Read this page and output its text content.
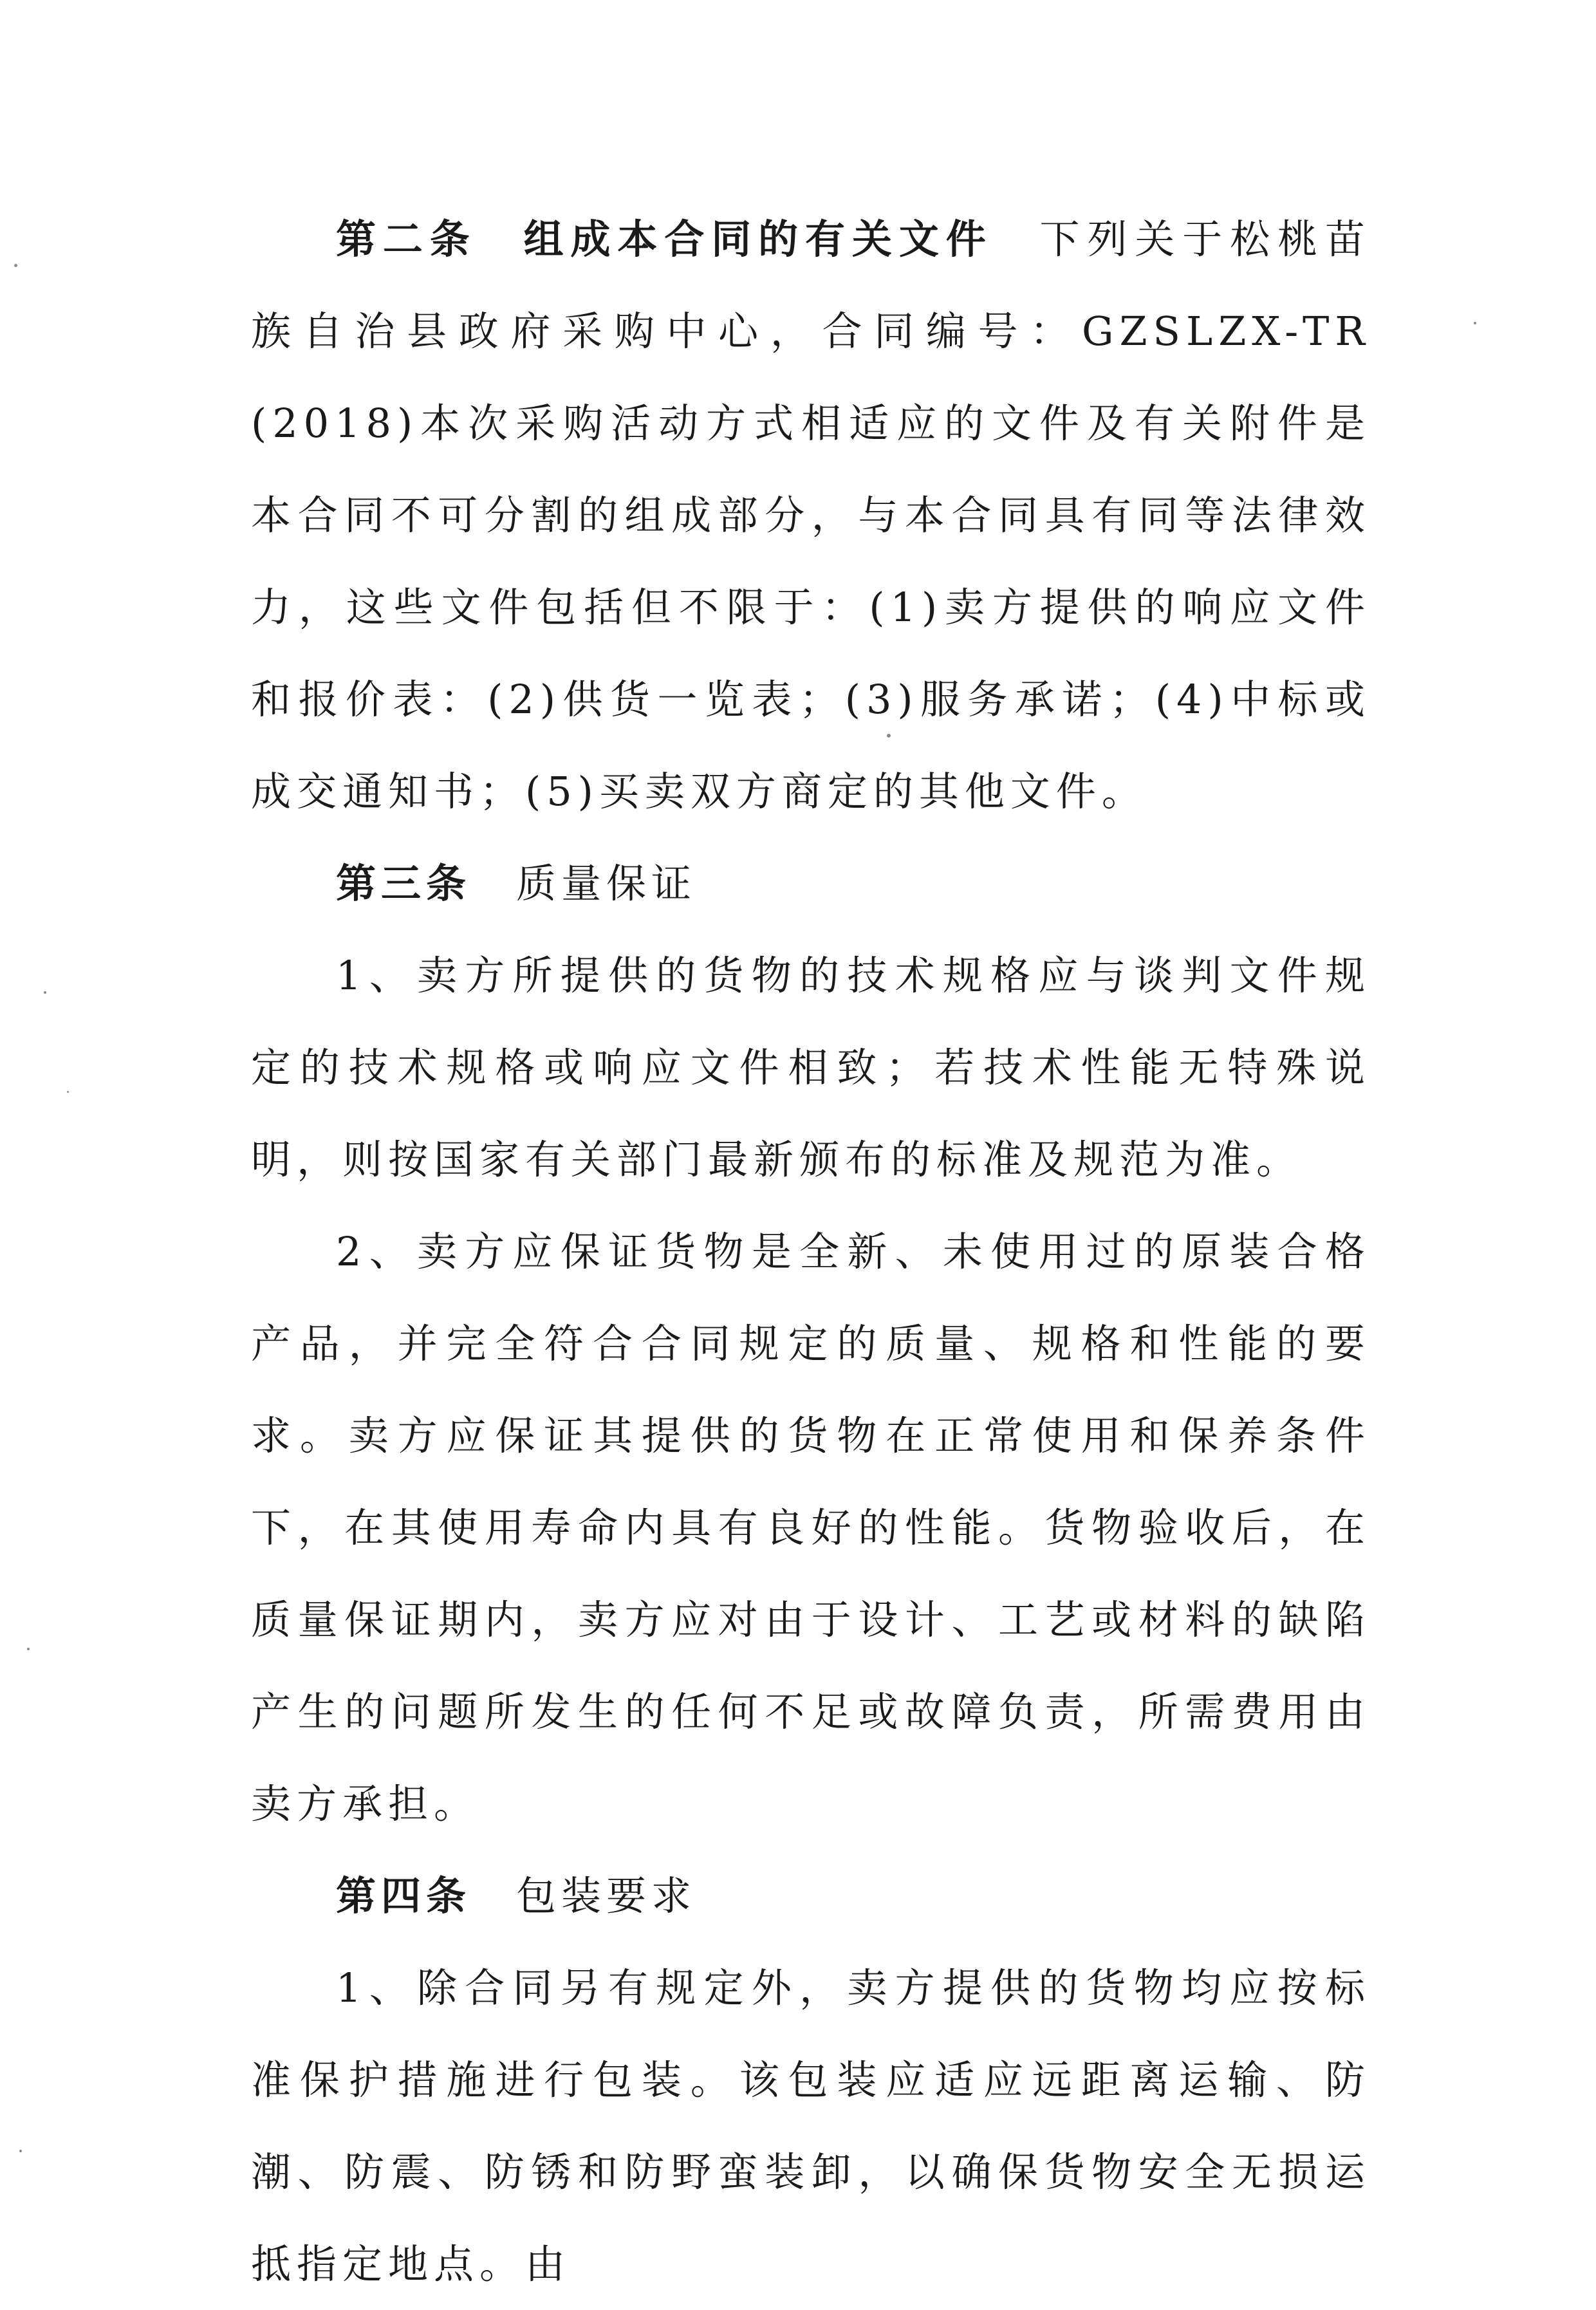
第二条 组成本合同的有关文件 下列关于松桃苗族自治县政府采购中心，合同编号：GZSLZX-TR (2018)本次采购活动方式相适应的文件及有关附件是本合同不可分割的组成部分，与本合同具有同等法律效力，这些文件包括但不限于：(1)卖方提供的响应文件和报价表：(2)供货一览表；(3)服务承诺；(4)中标或成交通知书；(5)买卖双方商定的其他文件。

第三条 质量保证

1、卖方所提供的货物的技术规格应与谈判文件规定的技术规格或响应文件相致；若技术性能无特殊说明，则按国家有关部门最新颁布的标准及规范为准。

2、卖方应保证货物是全新、未使用过的原装合格产品，并完全符合合同规定的质量、规格和性能的要求。卖方应保证其提供的货物在正常使用和保养条件下，在其使用寿命内具有良好的性能。货物验收后，在质量保证期内，卖方应对由于设计、工艺或材料的缺陷产生的问题所发生的任何不足或故障负责，所需费用由卖方承担。

第四条 包装要求

1、除合同另有规定外，卖方提供的货物均应按标准保护措施进行包装。该包装应适应远距离运输、防潮、防震、防锈和防野蛮装卸，以确保货物安全无损运抵指定地点。由
